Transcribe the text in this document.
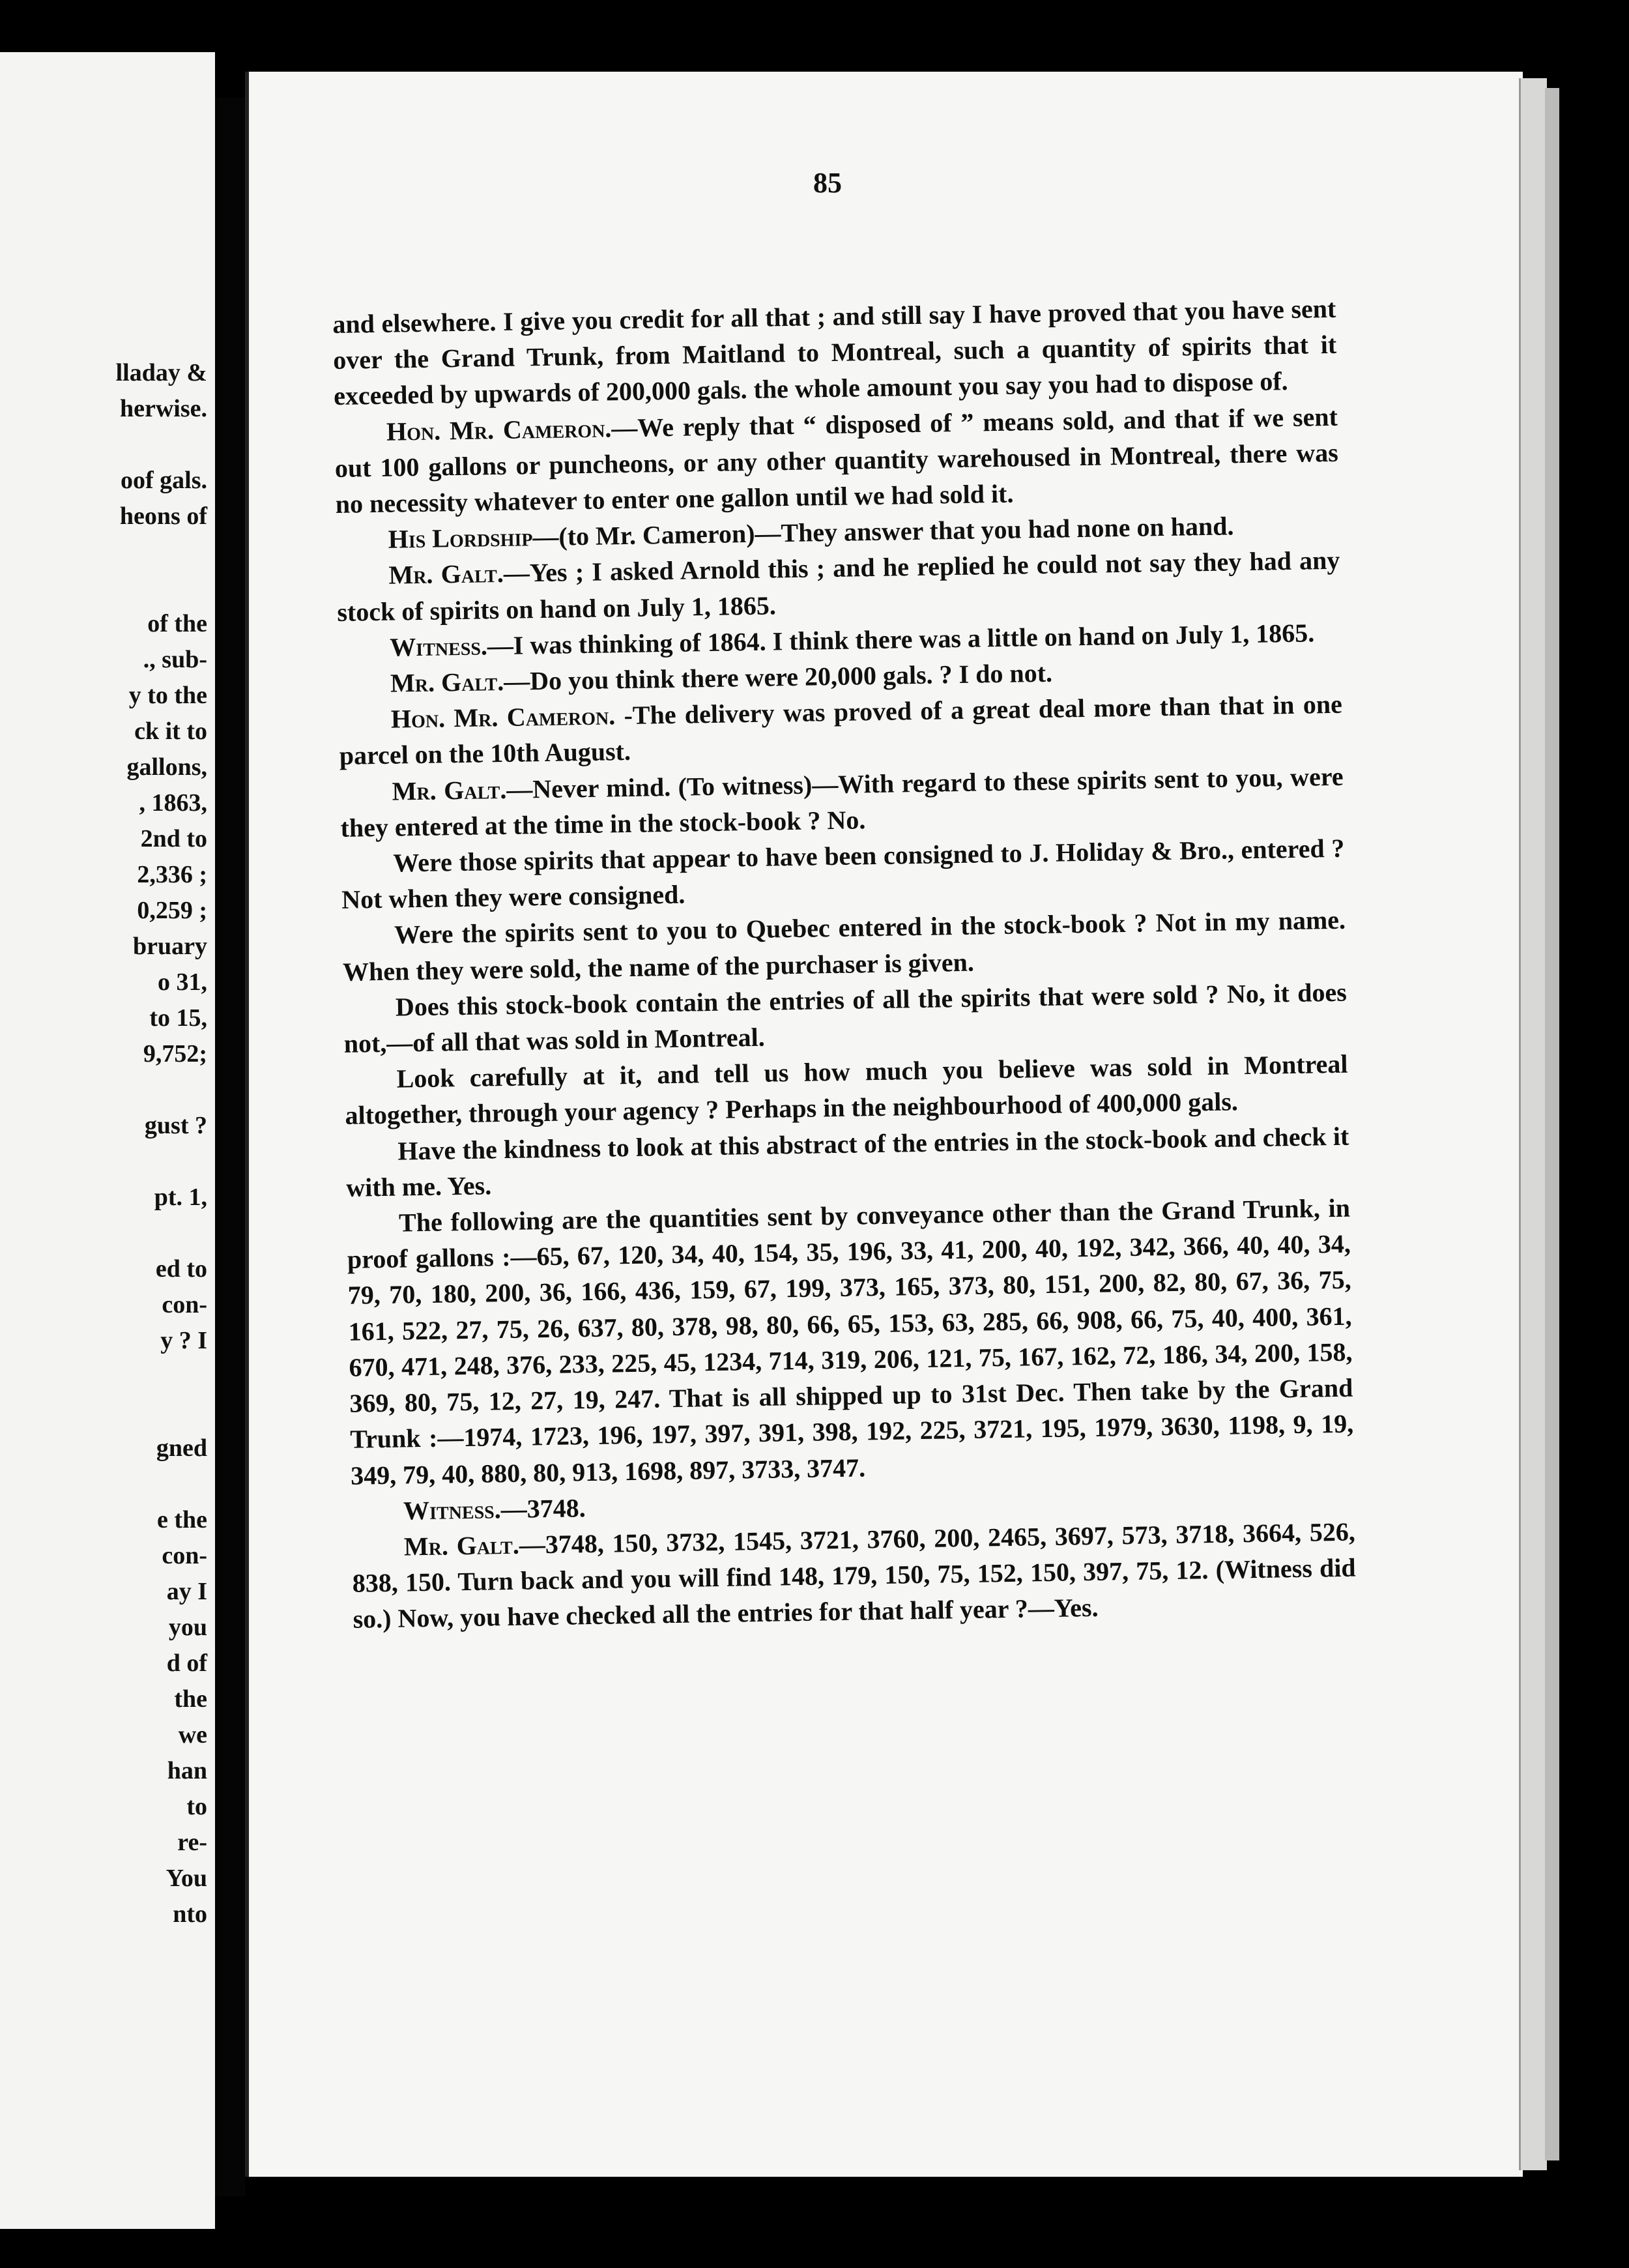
lladay &
herwise.
oof gals.
heons of
of the
., sub-
y to the
ck it to
gallons,
, 1863,
2nd to
2,336 ;
0,259 ;
bruary
o 31,
to 15,
9,752;
gust ?
pt. 1,
ed to
con-
y ? I
gned
e the
con-
ay I
you
d of
the
we
han
to
re-
You
nto
85

and elsewhere. I give you credit for all that ; and still say I have proved that you have sent over the Grand Trunk, from Maitland to Montreal, such a quantity of spirits that it exceeded by upwards of 200,000 gals. the whole amount you say you had to dispose of.

Hon. Mr. Cameron.—We reply that “ disposed of ” means sold, and that if we sent out 100 gallons or puncheons, or any other quantity warehoused in Montreal, there was no necessity whatever to enter one gallon until we had sold it.

His Lordship—(to Mr. Cameron)—They answer that you had none on hand.

Mr. Galt.—Yes ; I asked Arnold this ; and he replied he could not say they had any stock of spirits on hand on July 1, 1865.

Witness.—I was thinking of 1864. I think there was a little on hand on July 1, 1865.

Mr. Galt.—Do you think there were 20,000 gals. ? I do not.

Hon. Mr. Cameron. -The delivery was proved of a great deal more than that in one parcel on the 10th August.

Mr. Galt.—Never mind. (To witness)—With regard to these spirits sent to you, were they entered at the time in the stock-book ? No.

Were those spirits that appear to have been consigned to J. Holiday & Bro., entered ? Not when they were consigned.

Were the spirits sent to you to Quebec entered in the stock-book ? Not in my name. When they were sold, the name of the purchaser is given.

Does this stock-book contain the entries of all the spirits that were sold ? No, it does not,—of all that was sold in Montreal.

Look carefully at it, and tell us how much you believe was sold in Montreal altogether, through your agency ? Perhaps in the neighbourhood of 400,000 gals.

Have the kindness to look at this abstract of the entries in the stock-book and check it with me. Yes.

The following are the quantities sent by conveyance other than the Grand Trunk, in proof gallons :—65, 67, 120, 34, 40, 154, 35, 196, 33, 41, 200, 40, 192, 342, 366, 40, 40, 34, 79, 70, 180, 200, 36, 166, 436, 159, 67, 199, 373, 165, 373, 80, 151, 200, 82, 80, 67, 36, 75, 161, 522, 27, 75, 26, 637, 80, 378, 98, 80, 66, 65, 153, 63, 285, 66, 908, 66, 75, 40, 400, 361, 670, 471, 248, 376, 233, 225, 45, 1234, 714, 319, 206, 121, 75, 167, 162, 72, 186, 34, 200, 158, 369, 80, 75, 12, 27, 19, 247. That is all shipped up to 31st Dec. Then take by the Grand Trunk :—1974, 1723, 196, 197, 397, 391, 398, 192, 225, 3721, 195, 1979, 3630, 1198, 9, 19, 349, 79, 40, 880, 80, 913, 1698, 897, 3733, 3747.

Witness.—3748.

Mr. Galt.—3748, 150, 3732, 1545, 3721, 3760, 200, 2465, 3697, 573, 3718, 3664, 526, 838, 150. Turn back and you will find 148, 179, 150, 75, 152, 150, 397, 75, 12. (Witness did so.) Now, you have checked all the entries for that half year ?—Yes.
